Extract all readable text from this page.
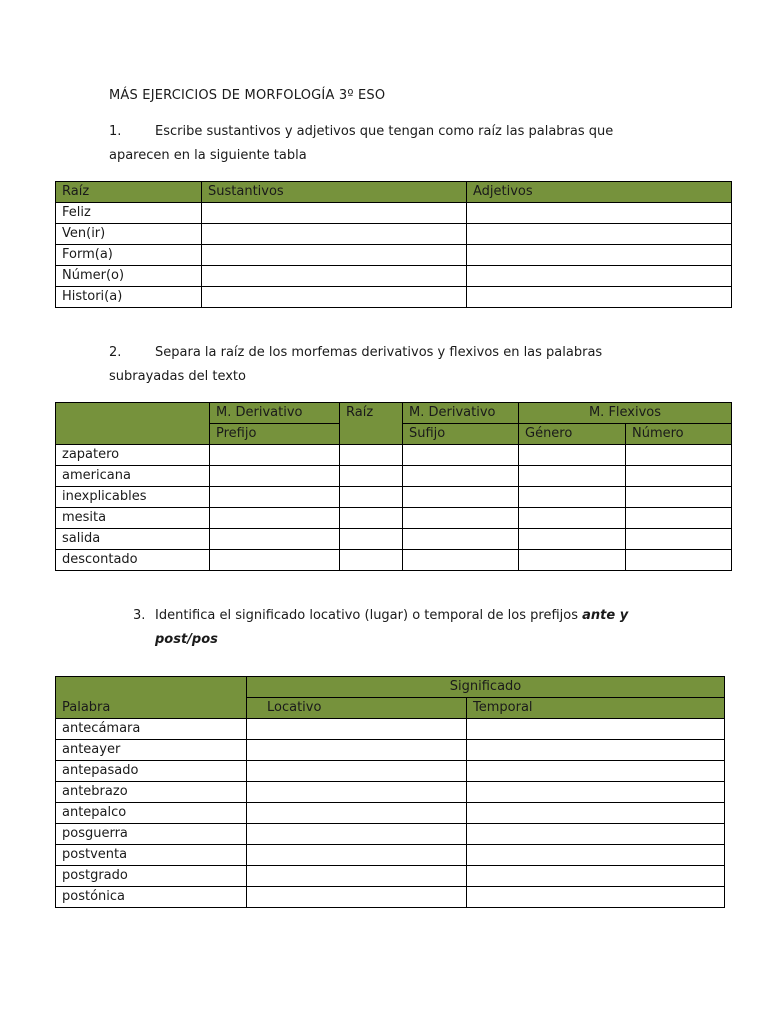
MÁS EJERCICIOS DE MORFOLOGÍA 3º ESO
1.	Escribe sustantivos y adjetivos que tengan como raíz las palabras que
aparecen en la siguiente tabla
Raíz	Sustantivos	Adjetivos
Feliz		
Ven(ir)		
Form(a)		
Númer(o)		
Histori(a)		
2.	Separa la raíz de los morfemas derivativos y flexivos en las palabras
subrayadas del texto
	M. Derivativo	Raíz	M. Derivativo	M. Flexivos	
	Prefijo		Sufijo	Género	Número
zapatero					
americana					
inexplicables					
mesita					
salida					
descontado					
3. Identifica el significado locativo (lugar) o temporal de los prefijos ante y
post/pos
Palabra	Significado	
	Locativo	Temporal
antecámara		
anteayer		
antepasado		
antebrazo		
antepalco		
posguerra		
postventa		
postgrado		
postónica		
